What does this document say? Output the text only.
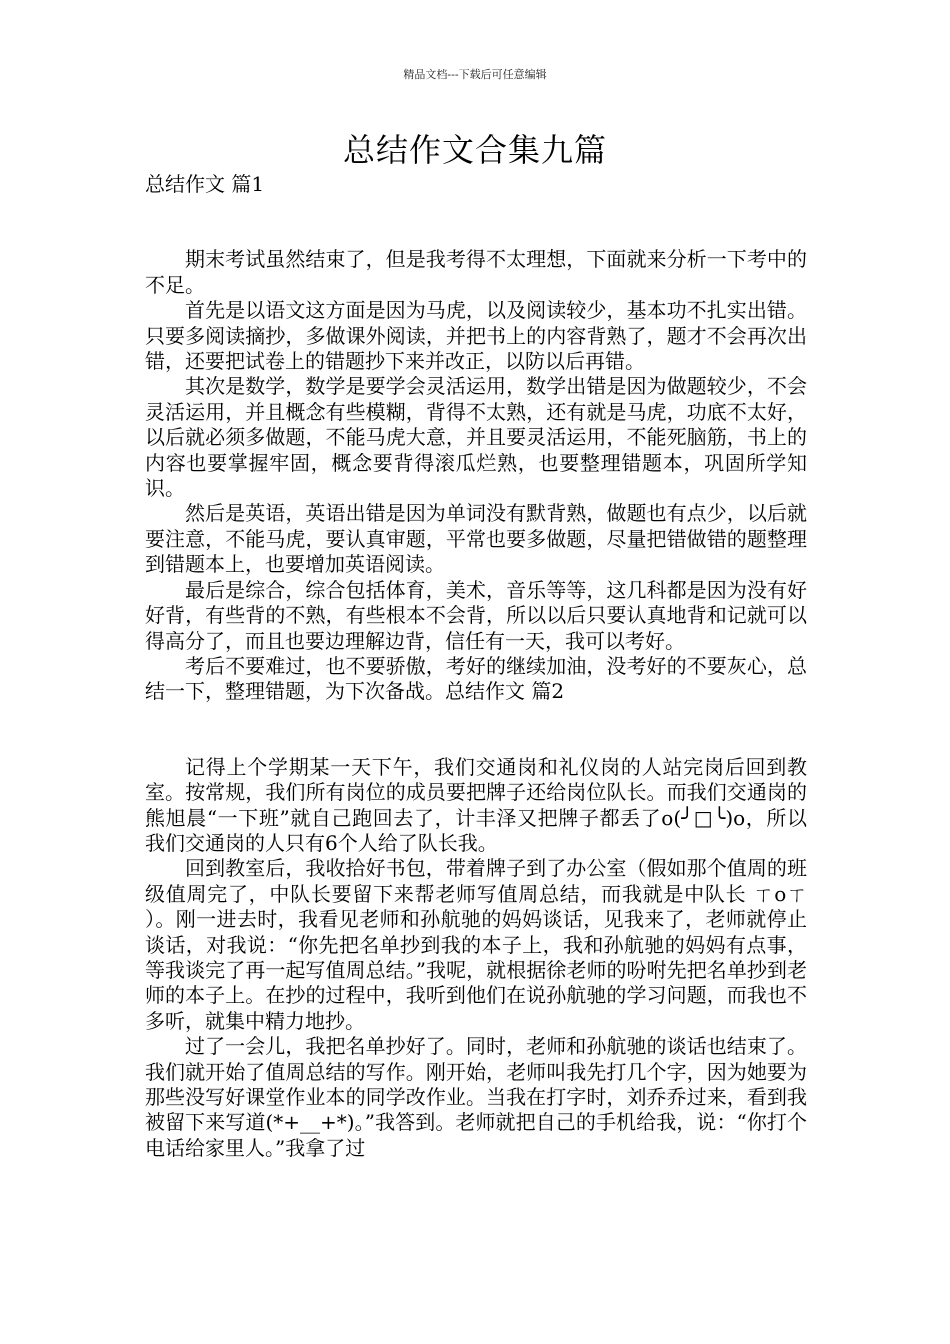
精品文档---下载后可任意编辑
总结作文合集九篇

总结作文 篇1

期末考试虽然结束了，但是我考得不太理想，下面就来分析一下考中的不足。

首先是以语文这方面是因为马虎，以及阅读较少，基本功不扎实出错。只要多阅读摘抄，多做课外阅读，并把书上的内容背熟了，题才不会再次出错，还要把试卷上的错题抄下来并改正，以防以后再错。

其次是数学，数学是要学会灵活运用，数学出错是因为做题较少，不会灵活运用，并且概念有些模糊，背得不太熟，还有就是马虎，功底不太好，以后就必须多做题，不能马虎大意，并且要灵活运用，不能死脑筋，书上的内容也要掌握牢固，概念要背得滚瓜烂熟，也要整理错题本，巩固所学知识。

然后是英语，英语出错是因为单词没有默背熟，做题也有点少，以后就要注意，不能马虎，要认真审题，平常也要多做题，尽量把错做错的题整理到错题本上，也要增加英语阅读。

最后是综合，综合包括体育，美术，音乐等等，这几科都是因为没有好好背，有些背的不熟，有些根本不会背，所以以后只要认真地背和记就可以得高分了，而且也要边理解边背，信任有一天，我可以考好。

考后不要难过，也不要骄傲，考好的继续加油，没考好的不要灰心，总结一下，整理错题，为下次备战。总结作文 篇2

记得上个学期某一天下午，我们交通岗和礼仪岗的人站完岗后回到教室。按常规，我们所有岗位的成员要把牌子还给岗位队长。而我们交通岗的熊旭晨“一下班”就自己跑回去了，计丰泽又把牌子都丢了o(╯□╰)o，所以我们交通岗的人只有6个人给了队长我。

回到教室后，我收拾好书包，带着牌子到了办公室（假如那个值周的班级值周完了，中队长要留下来帮老师写值周总结，而我就是中队长 ㄒoㄒ ）。刚一进去时，我看见老师和孙航驰的妈妈谈话，见我来了，老师就停止谈话，对我说：“你先把名单抄到我的本子上，我和孙航驰的妈妈有点事，等我谈完了再一起写值周总结。”我呢，就根据徐老师的吩咐先把名单抄到老师的本子上。在抄的过程中，我听到他们在说孙航驰的学习问题，而我也不多听，就集中精力地抄。

过了一会儿，我把名单抄好了。同时，老师和孙航驰的谈话也结束了。我们就开始了值周总结的写作。刚开始，老师叫我先打几个字，因为她要为那些没写好课堂作业本的同学改作业。当我在打字时，刘乔乔过来，看到我被留下来写道(*+__+*)。”我答到。老师就把自己的手机给我，说：“你打个电话给家里人。”我拿了过
